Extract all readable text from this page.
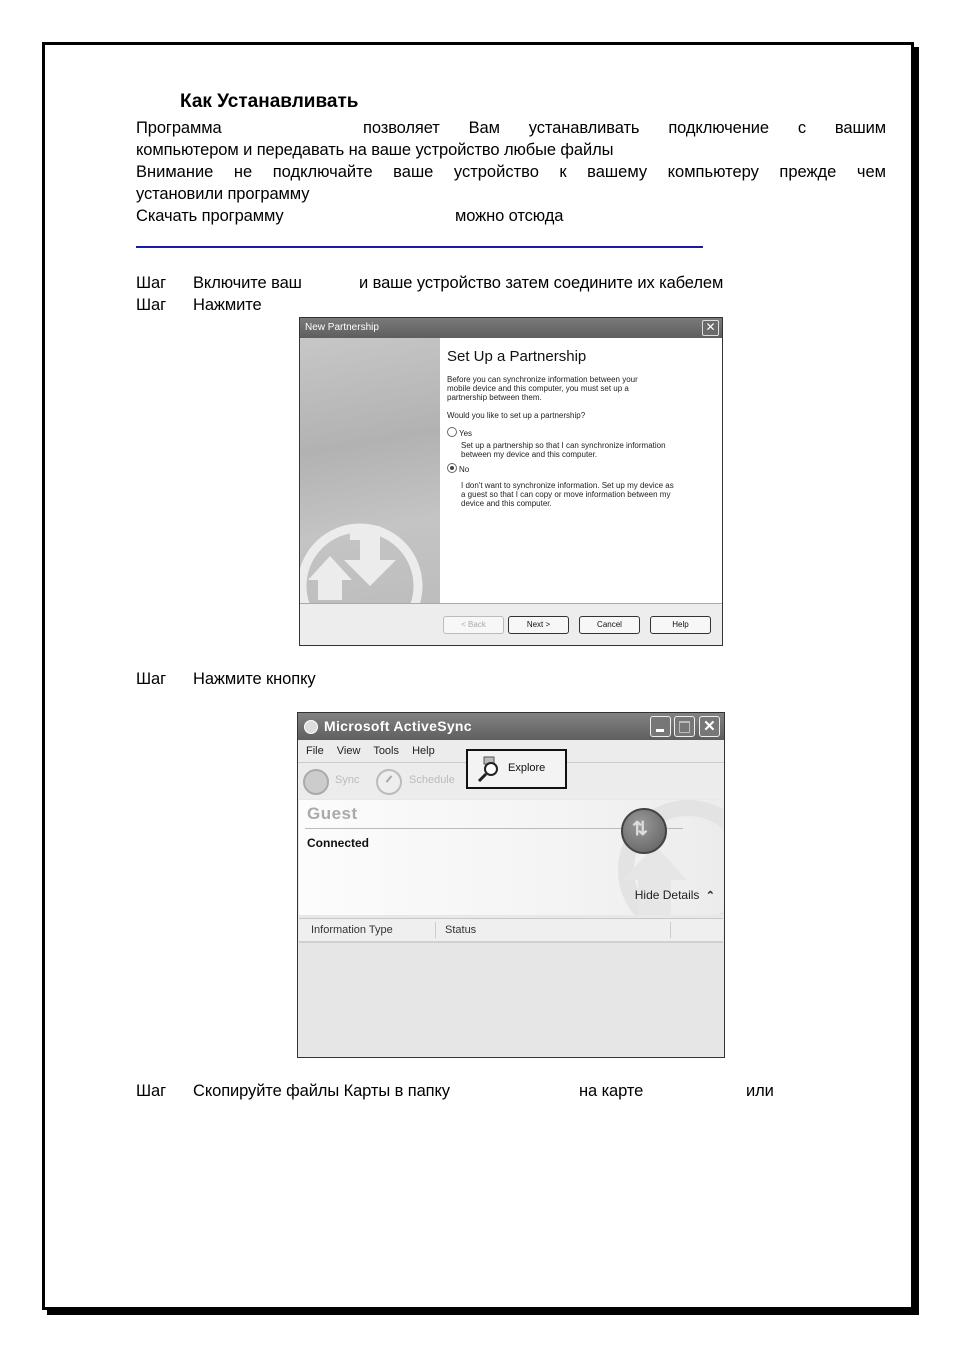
Как Устанавливать
Программа	позволяет Вам устанавливать подключение с вашим
компьютером и передавать на ваше устройство любые файлы
Внимание не подключайте ваше устройство к вашему компьютеру прежде чем
установили программу
Скачать программу	можно отсюда
Шаг Включите ваш	и ваше устройство затем соедините их кабелем
Шаг Нажмите
New Partnership	✕
Set Up a Partnership
Before you can synchronize information between your mobile device and this computer, you must set up a partnership between them.
Would you like to set up a partnership?
Yes
Set up a partnership so that I can synchronize information between my device and this computer.
No
I don't want to synchronize information. Set up my device as a guest so that I can copy or move information between my device and this computer.
< Back	Next >	Cancel	Help
Шаг Нажмите кнопку
Microsoft ActiveSync	✕
File View Tools Help
Sync	Schedule
Explore
Guest
Connected
⇅
Hide Details ⌃
Information Type	Status
Шаг Скопируйте файлы Карты в папку	на карте	или
